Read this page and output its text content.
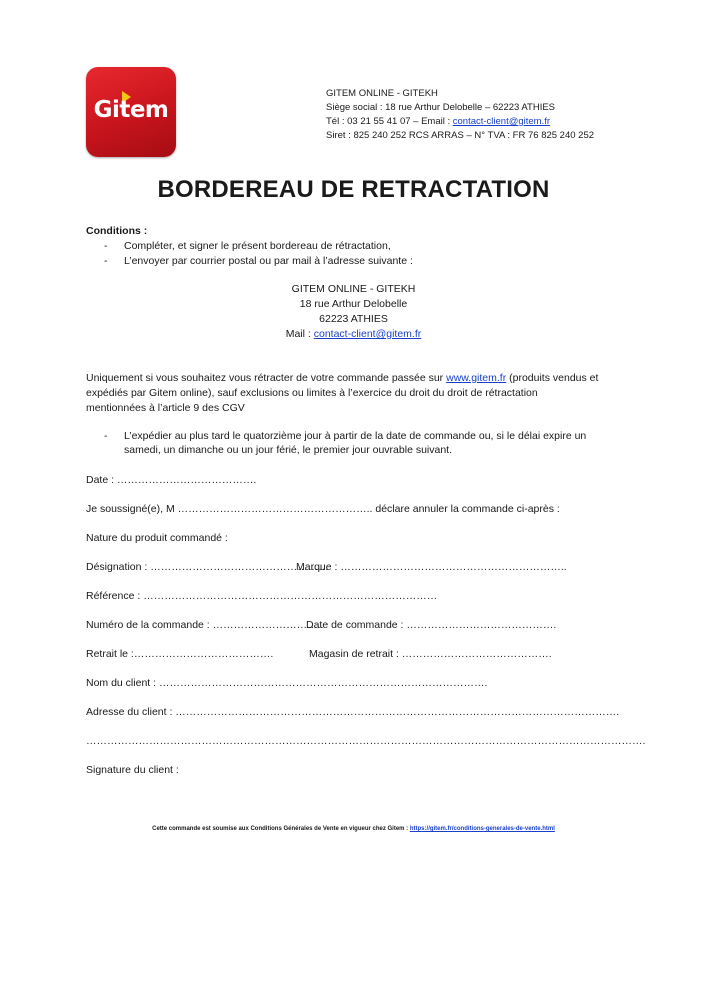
Gitem
GITEM ONLINE - GITEKH
Siège social : 18 rue Arthur Delobelle – 62223 ATHIES
Tél : 03 21 55 41 07 – Email : contact-client@gitem.fr
Siret : 825 240 252 RCS ARRAS – N° TVA : FR 76 825 240 252
BORDEREAU DE RETRACTATION
Conditions :
- Compléter, et signer le présent bordereau de rétractation,
- L’envoyer par courrier postal ou par mail à l’adresse suivante :
GITEM ONLINE - GITEKH
18 rue Arthur Delobelle
62223 ATHIES
Mail : contact-client@gitem.fr
Uniquement si vous souhaitez vous rétracter de votre commande passée sur www.gitem.fr (produits vendus et
expédiés par Gitem online), sauf exclusions ou limites à l’exercice du droit du droit de rétractation
mentionnées à l’article 9 des CGV
- L’expédier au plus tard le quatorzième jour à partir de la date de commande ou, si le délai expire un
samedi, un dimanche ou un jour férié, le premier jour ouvrable suivant.
Date : ………………………………….
Je soussigné(e), M ……………………………………………….. déclare annuler la commande ci-après :
Nature du produit commandé :
Désignation : ……………………………………………
Marque : ………………………………………………………..
Référence : …………………………………………………………………………
Numéro de la commande : …………………………..
Date de commande : …………………………………….
Retrait le :………………………………….	Magasin de retrait : …………………………………….
Nom du client : ………………………………………………………………………………….
Adresse du client : ……………………………………………………………………………………………………………….
…………………………………………………………………………………………………………………………………………….
Signature du client :
Cette commande est soumise aux Conditions Générales de Vente en vigueur chez Gitem : https://gitem.fr/conditions-generales-de-vente.html
